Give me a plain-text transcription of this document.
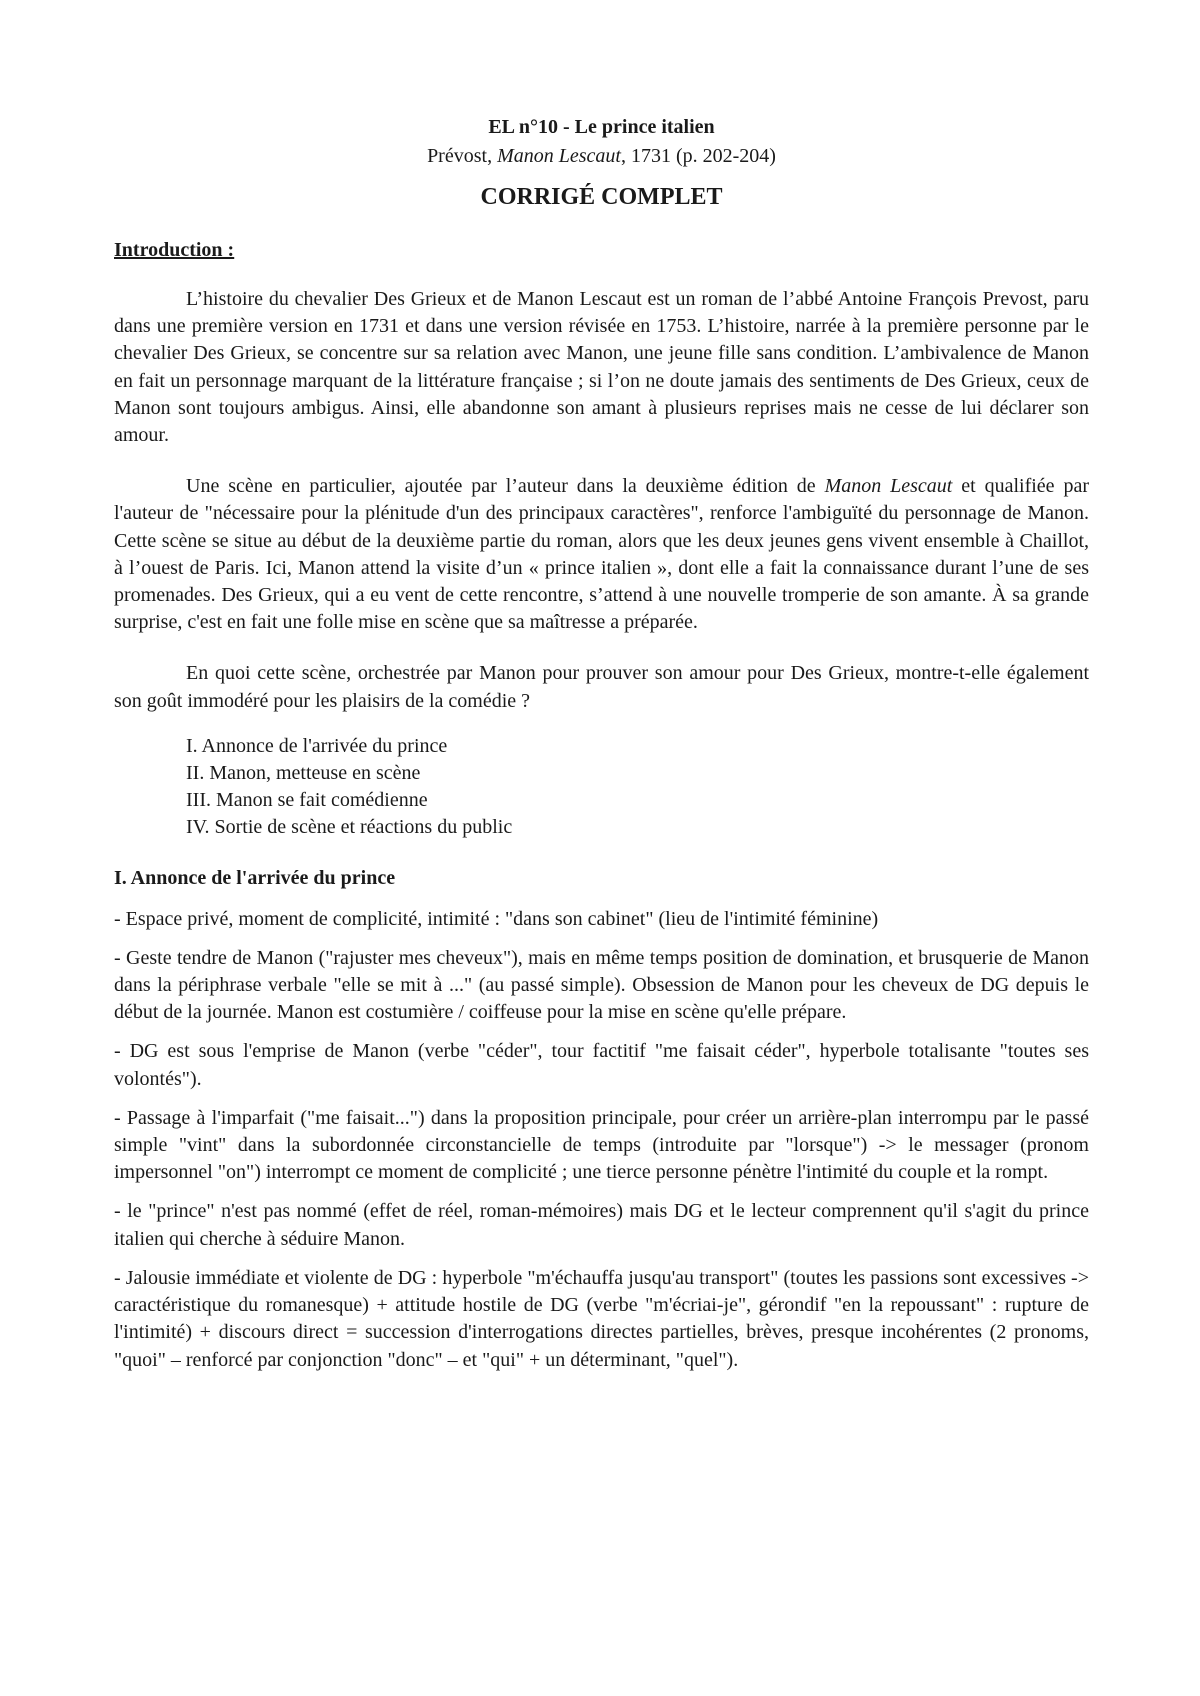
EL n°10 - Le prince italien

Prévost, Manon Lescaut, 1731 (p. 202-204)

CORRIGÉ COMPLET

Introduction :

L’histoire du chevalier Des Grieux et de Manon Lescaut est un roman de l’abbé Antoine François Prevost, paru dans une première version en 1731 et dans une version révisée en 1753. L’histoire, narrée à la première personne par le chevalier Des Grieux, se concentre sur sa relation avec Manon, une jeune fille sans condition. L’ambivalence de Manon en fait un personnage marquant de la littérature française ; si l’on ne doute jamais des sentiments de Des Grieux, ceux de Manon sont toujours ambigus. Ainsi, elle abandonne son amant à plusieurs reprises mais ne cesse de lui déclarer son amour.

Une scène en particulier, ajoutée par l’auteur dans la deuxième édition de Manon Lescaut et qualifiée par l'auteur de "nécessaire pour la plénitude d'un des principaux caractères", renforce l'ambiguïté du personnage de Manon. Cette scène se situe au début de la deuxième partie du roman, alors que les deux jeunes gens vivent ensemble à Chaillot, à l’ouest de Paris. Ici, Manon attend la visite d’un « prince italien », dont elle a fait la connaissance durant l’une de ses promenades. Des Grieux, qui a eu vent de cette rencontre, s’attend à une nouvelle tromperie de son amante. À sa grande surprise, c'est en fait une folle mise en scène que sa maîtresse a préparée.

En quoi cette scène, orchestrée par Manon pour prouver son amour pour Des Grieux, montre-t-elle également son goût immodéré pour les plaisirs de la comédie ?

I. Annonce de l'arrivée du prince
II. Manon, metteuse en scène
III. Manon se fait comédienne
IV. Sortie de scène et réactions du public

I. Annonce de l'arrivée du prince

- Espace privé, moment de complicité, intimité : "dans son cabinet" (lieu de l'intimité féminine)

- Geste tendre de Manon ("rajuster mes cheveux"), mais en même temps position de domination, et brusquerie de Manon dans la périphrase verbale "elle se mit à ..." (au passé simple). Obsession de Manon pour les cheveux de DG depuis le début de la journée. Manon est costumière / coiffeuse pour la mise en scène qu'elle prépare.

- DG est sous l'emprise de Manon (verbe "céder", tour factitif "me faisait céder", hyperbole totalisante "toutes ses volontés").

- Passage à l'imparfait ("me faisait...") dans la proposition principale, pour créer un arrière-plan interrompu par le passé simple "vint" dans la subordonnée circonstancielle de temps (introduite par "lorsque") -> le messager (pronom impersonnel "on") interrompt ce moment de complicité ; une tierce personne pénètre l'intimité du couple et la rompt.

- le "prince" n'est pas nommé (effet de réel, roman-mémoires) mais DG et le lecteur comprennent qu'il s'agit du prince italien qui cherche à séduire Manon.

- Jalousie immédiate et violente de DG : hyperbole "m'échauffa jusqu'au transport" (toutes les passions sont excessives -> caractéristique du romanesque) + attitude hostile de DG (verbe "m'écriai-je", gérondif "en la repoussant" : rupture de l'intimité) + discours direct = succession d'interrogations directes partielles, brèves, presque incohérentes (2 pronoms, "quoi" – renforcé par conjonction "donc" – et "qui" + un déterminant, "quel").
